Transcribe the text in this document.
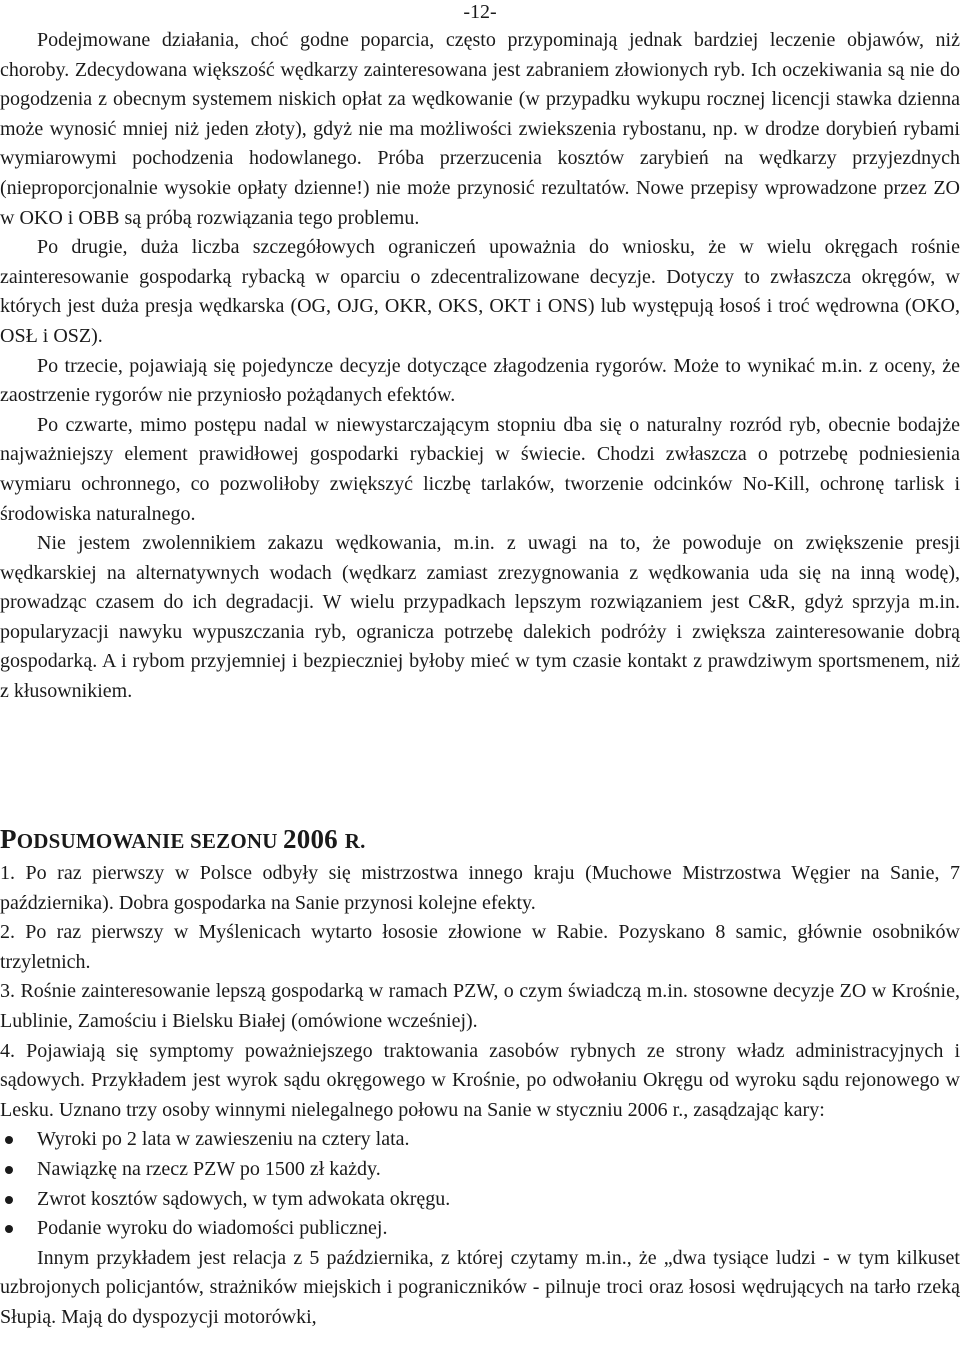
-12-

Podejmowane działania, choć godne poparcia, często przypominają jednak bardziej leczenie objawów, niż choroby. Zdecydowana większość wędkarzy zainteresowana jest zabraniem złowionych ryb. Ich oczekiwania są nie do pogodzenia z obecnym systemem niskich opłat za wędkowanie (w przypadku wykupu rocznej licencji stawka dzienna może wynosić mniej niż jeden złoty), gdyż nie ma możliwości zwiekszenia rybostanu, np. w drodze dorybień rybami wymiarowymi pochodzenia hodowlanego. Próba przerzucenia kosztów zarybień na wędkarzy przyjezdnych (nieproporcjonalnie wysokie opłaty dzienne!) nie może przynosić rezultatów. Nowe przepisy wprowadzone przez ZO w OKO i OBB są próbą rozwiązania tego problemu.

Po drugie, duża liczba szczegółowych ograniczeń upoważnia do wniosku, że w wielu okręgach rośnie zainteresowanie gospodarką rybacką w oparciu o zdecentralizowane decyzje. Dotyczy to zwłaszcza okręgów, w których jest duża presja wędkarska (OG, OJG, OKR, OKS, OKT i ONS) lub występują łosoś i troć wędrowna (OKO, OSŁ i OSZ).

Po trzecie, pojawiają się pojedyncze decyzje dotyczące złagodzenia rygorów. Może to wynikać m.in. z oceny, że zaostrzenie rygorów nie przyniosło pożądanych efektów.

Po czwarte, mimo postępu nadal w niewystarczającym stopniu dba się o naturalny rozród ryb, obecnie bodajże najważniejszy element prawidłowej gospodarki rybackiej w świecie. Chodzi zwłaszcza o potrzebę podniesienia wymiaru ochronnego, co pozwoliłoby zwiększyć liczbę tarlaków, tworzenie odcinków No-Kill, ochronę tarlisk i środowiska naturalnego.

Nie jestem zwolennikiem zakazu wędkowania, m.in. z uwagi na to, że powoduje on zwiększenie presji wędkarskiej na alternatywnych wodach (wędkarz zamiast zrezygnowania z wędkowania uda się na inną wodę), prowadząc czasem do ich degradacji. W wielu przypadkach lepszym rozwiązaniem jest C&R, gdyż sprzyja m.in. popularyzacji nawyku wypuszczania ryb, ogranicza potrzebę dalekich podróży i zwiększa zainteresowanie dobrą gospodarką. A i rybom przyjemniej i bezpieczniej byłoby mieć w tym czasie kontakt z prawdziwym sportsmenem, niż z kłusownikiem.

PODSUMOWANIE SEZONU 2006 R.

1. Po raz pierwszy w Polsce odbyły się mistrzostwa innego kraju (Muchowe Mistrzostwa Węgier na Sanie, 7 października). Dobra gospodarka na Sanie przynosi kolejne efekty.

2. Po raz pierwszy w Myślenicach wytarto łososie złowione w Rabie. Pozyskano 8 samic, głównie osobników trzyletnich.

3. Rośnie zainteresowanie lepszą gospodarką w ramach PZW, o czym świadczą m.in. stosowne decyzje ZO w Krośnie, Lublinie, Zamościu i Bielsku Białej (omówione wcześniej).

4. Pojawiają się symptomy poważniejszego traktowania zasobów rybnych ze strony władz administracyjnych i sądowych. Przykładem jest wyrok sądu okręgowego w Krośnie, po odwołaniu Okręgu od wyroku sądu rejonowego w Lesku. Uznano trzy osoby winnymi nielegalnego połowu na Sanie w styczniu 2006 r., zasądzając kary:

Wyroki po 2 lata w zawieszeniu na cztery lata.
Nawiązkę na rzecz PZW po 1500 zł każdy.
Zwrot kosztów sądowych, w tym adwokata okręgu.
Podanie wyroku do wiadomości publicznej.

Innym przykładem jest relacja z 5 października, z której czytamy m.in., że „dwa tysiące ludzi - w tym kilkuset uzbrojonych policjantów, strażników miejskich i pograniczników - pilnuje troci oraz łososi wędrujących na tarło rzeką Słupią. Mają do dyspozycji motorówki,
